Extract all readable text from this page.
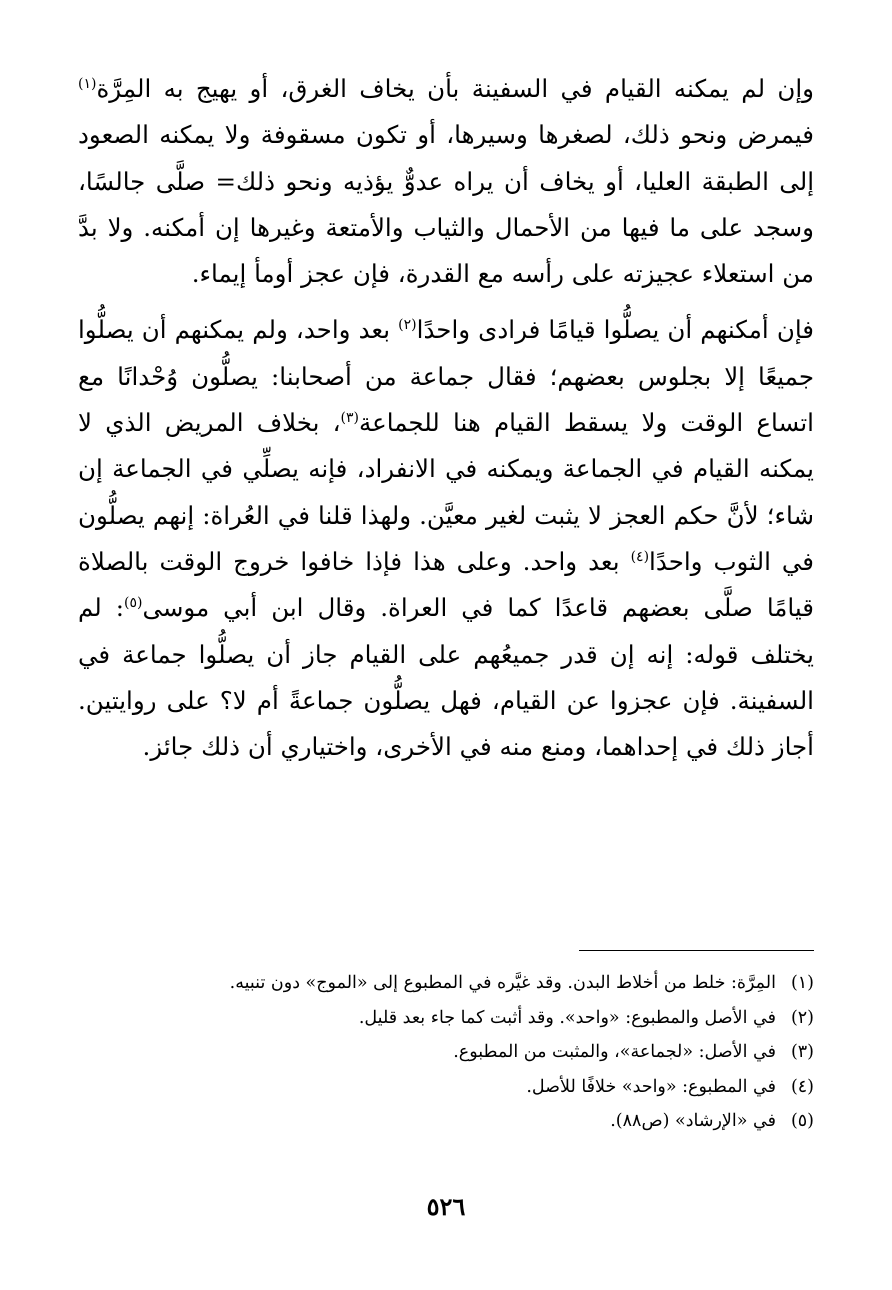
وإن لم يمكنه القيام في السفينة بأن يخاف الغرق، أو يهيج به المِرَّة$^{(١)}$ فيمرض ونحو ذلك، لصغرها وسيرها، أو تكون مسقوفة ولا يمكنه الصعود إلى الطبقة العليا، أو يخاف أن يراه عدوٌّ يؤذيه ونحو ذلك= صلَّى جالسًا، وسجد على ما فيها من الأحمال والثياب والأمتعة وغيرها إن أمكنه. ولا بدَّ من استعلاء عجيزته على رأسه مع القدرة، فإن عجز أومأ إيماء.

فإن أمكنهم أن يصلُّوا قيامًا فرادى واحدًا$^{(٢)}$ بعد واحد، ولم يمكنهم أن يصلُّوا جميعًا إلا بجلوس بعضهم؛ فقال جماعة من أصحابنا: يصلُّون وُحْدانًا مع اتساع الوقت ولا يسقط القيام هنا للجماعة$^{(٣)}$، بخلاف المريض الذي لا يمكنه القيام في الجماعة ويمكنه في الانفراد، فإنه يصلِّي في الجماعة إن شاء؛ لأنَّ حكم العجز لا يثبت لغير معيَّن. ولهذا قلنا في العُراة: إنهم يصلُّون في الثوب واحدًا$^{(٤)}$ بعد واحد. وعلى هذا فإذا خافوا خروج الوقت بالصلاة قيامًا صلَّى بعضهم قاعدًا كما في العراة. وقال ابن أبي موسى$^{(٥)}$: لم يختلف قوله: إنه إن قدر جميعُهم على القيام جاز أن يصلُّوا جماعة في السفينة. فإن عجزوا عن القيام، فهل يصلُّون جماعةً أم لا؟ على روايتين. أجاز ذلك في إحداهما، ومنع منه في الأخرى، واختياري أن ذلك جائز.

(١)المِرَّة: خلط من أخلاط البدن. وقد غيَّره في المطبوع إلى «الموج» دون تنبيه.
(٢)في الأصل والمطبوع: «واحد». وقد أثبت كما جاء بعد قليل.
(٣)في الأصل: «لجماعة»، والمثبت من المطبوع.
(٤)في المطبوع: «واحد» خلافًا للأصل.
(٥)في «الإرشاد» (ص٨٨).
٥٢٦
